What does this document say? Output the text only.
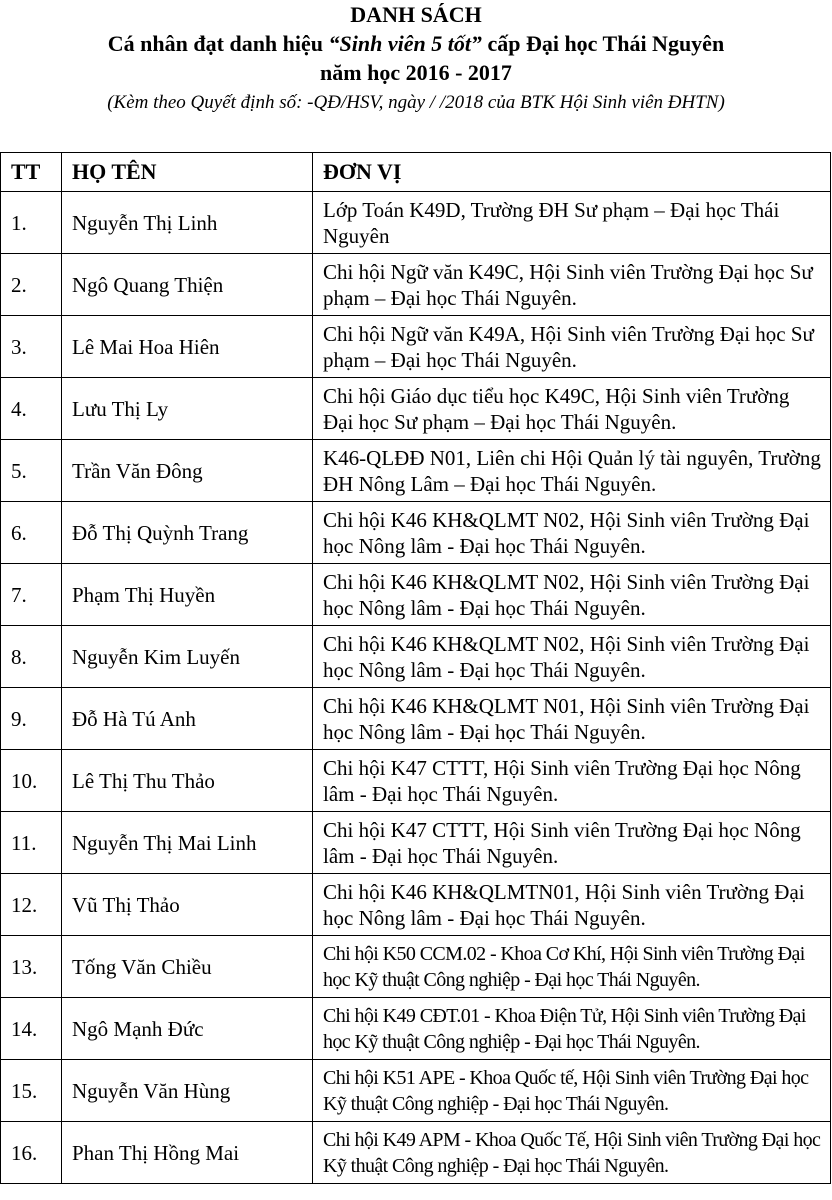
DANH SÁCH
Cá nhân đạt danh hiệu “Sinh viên 5 tốt” cấp Đại học Thái Nguyên
năm học 2016 - 2017
(Kèm theo Quyết định số: -QĐ/HSV, ngày / /2018 của BTK Hội Sinh viên ĐHTN)
TT	HỌ TÊN	ĐƠN VỊ
1.	Nguyễn Thị Linh	Lớp Toán K49D, Trường ĐH Sư phạm – Đại học Thái Nguyên
2.	Ngô Quang Thiện	Chi hội Ngữ văn K49C, Hội Sinh viên Trường Đại học Sư phạm – Đại học Thái Nguyên.
3.	Lê Mai Hoa Hiên	Chi hội Ngữ văn K49A, Hội Sinh viên Trường Đại học Sư phạm – Đại học Thái Nguyên.
4.	Lưu Thị Ly	Chi hội Giáo dục tiểu học K49C, Hội Sinh viên Trường Đại học Sư phạm – Đại học Thái Nguyên.
5.	Trần Văn Đông	K46-QLĐĐ N01, Liên chi Hội Quản lý tài nguyên, Trường ĐH Nông Lâm – Đại học Thái Nguyên.
6.	Đỗ Thị Quỳnh Trang	Chi hội K46 KH&QLMT N02, Hội Sinh viên Trường Đại học Nông lâm - Đại học Thái Nguyên.
7.	Phạm Thị Huyền	Chi hội K46 KH&QLMT N02, Hội Sinh viên Trường Đại học Nông lâm - Đại học Thái Nguyên.
8.	Nguyễn Kim Luyến	Chi hội K46 KH&QLMT N02, Hội Sinh viên Trường Đại học Nông lâm - Đại học Thái Nguyên.
9.	Đỗ Hà Tú Anh	Chi hội K46 KH&QLMT N01, Hội Sinh viên Trường Đại học Nông lâm - Đại học Thái Nguyên.
10.	Lê Thị Thu Thảo	Chi hội K47 CTTT, Hội Sinh viên Trường Đại học Nông lâm - Đại học Thái Nguyên.
11.	Nguyễn Thị Mai Linh	Chi hội K47 CTTT, Hội Sinh viên Trường Đại học Nông lâm - Đại học Thái Nguyên.
12.	Vũ Thị Thảo	Chi hội K46 KH&QLMTN01, Hội Sinh viên Trường Đại học Nông lâm - Đại học Thái Nguyên.
13.	Tống Văn Chiều	Chi hội K50 CCM.02 - Khoa Cơ Khí, Hội Sinh viên Trường Đại học Kỹ thuật Công nghiệp - Đại học Thái Nguyên.
14.	Ngô Mạnh Đức	Chi hội K49 CĐT.01 - Khoa Điện Tử, Hội Sinh viên Trường Đại học Kỹ thuật Công nghiệp - Đại học Thái Nguyên.
15.	Nguyễn Văn Hùng	Chi hội K51 APE - Khoa Quốc tế, Hội Sinh viên Trường Đại học Kỹ thuật Công nghiệp - Đại học Thái Nguyên.
16.	Phan Thị Hồng Mai	Chi hội K49 APM - Khoa Quốc Tế, Hội Sinh viên Trường Đại học Kỹ thuật Công nghiệp - Đại học Thái Nguyên.
